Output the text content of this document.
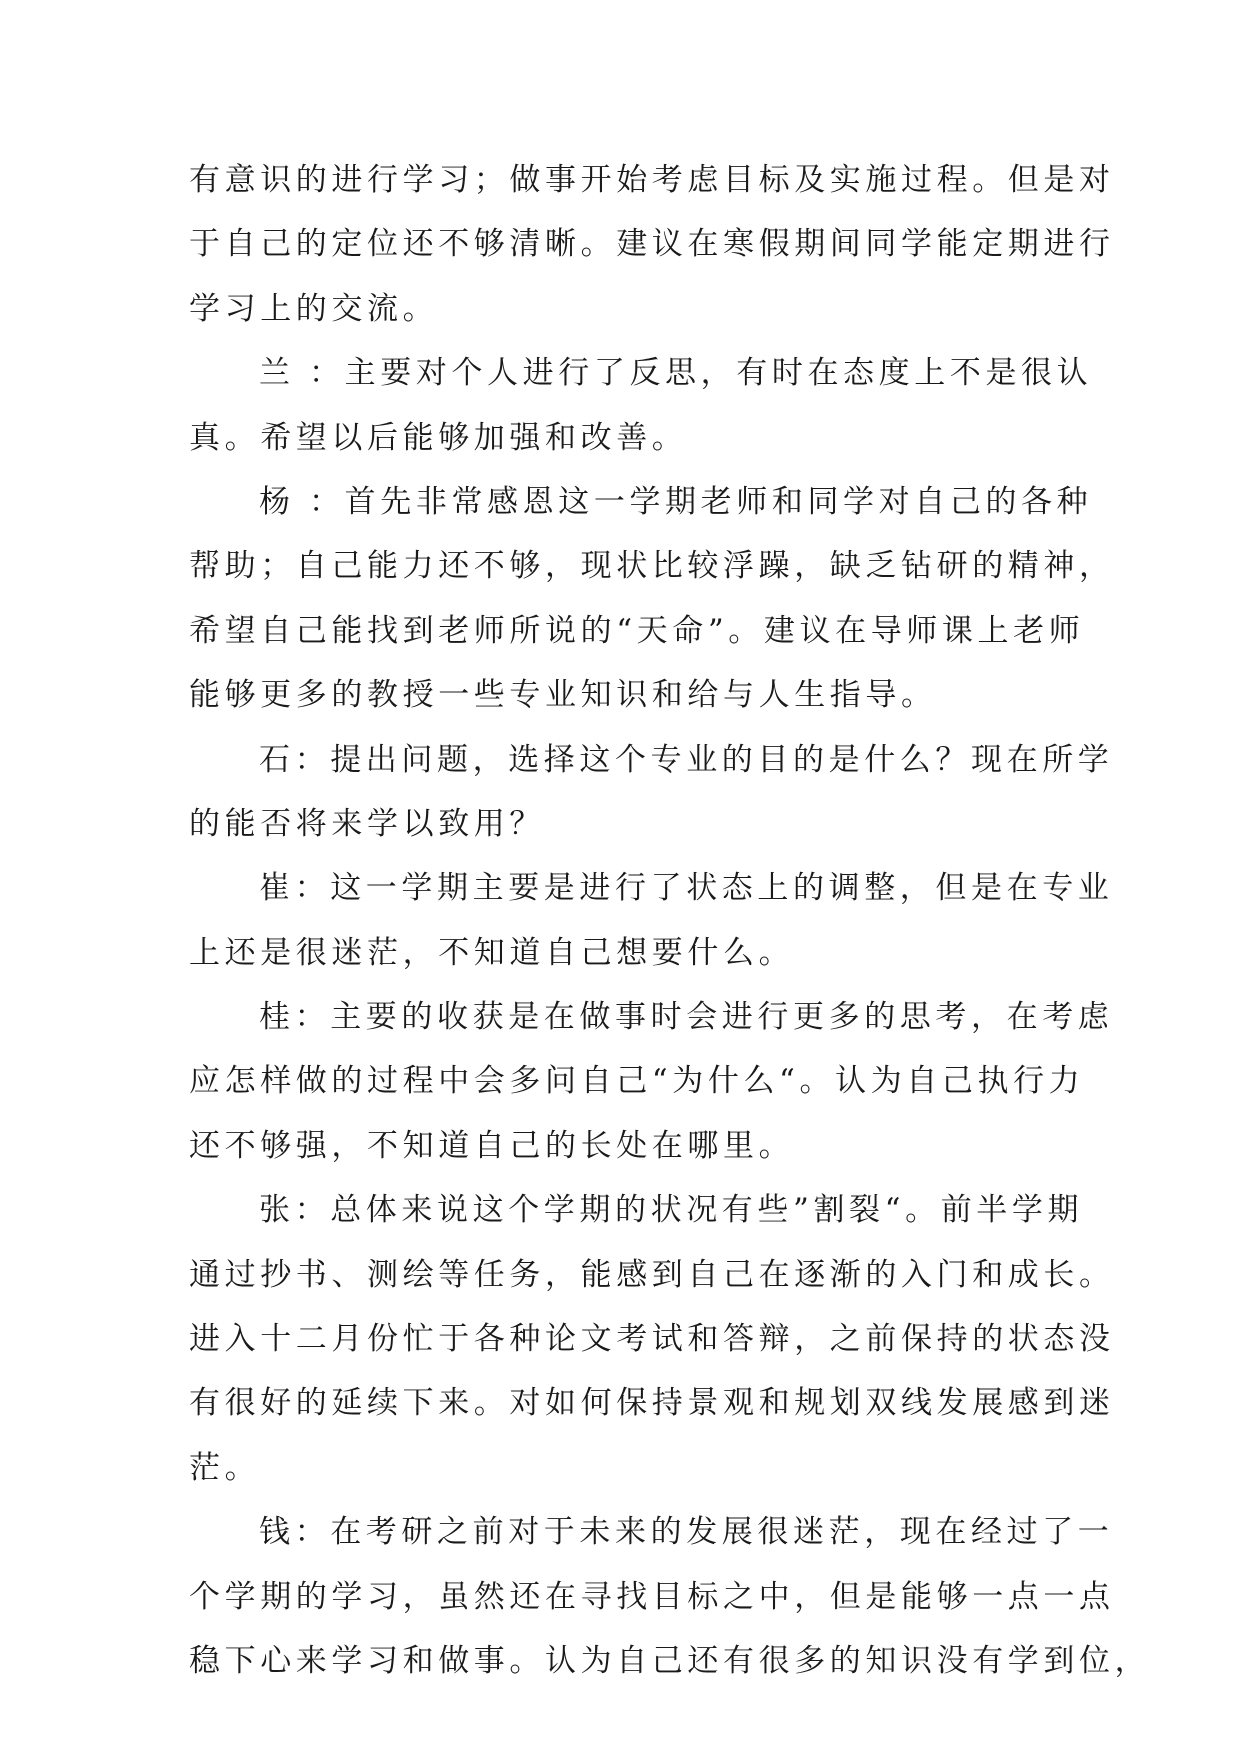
有意识的进行学习；做事开始考虑目标及实施过程。但是对
于自己的定位还不够清晰。建议在寒假期间同学能定期进行
学习上的交流。
兰 ：主要对个人进行了反思，有时在态度上不是很认
真。希望以后能够加强和改善。
杨 ：首先非常感恩这一学期老师和同学对自己的各种
帮助；自己能力还不够，现状比较浮躁，缺乏钻研的精神，
希望自己能找到老师所说的“天命”。建议在导师课上老师
能够更多的教授一些专业知识和给与人生指导。
石：提出问题，选择这个专业的目的是什么？现在所学
的能否将来学以致用？
崔：这一学期主要是进行了状态上的调整，但是在专业
上还是很迷茫，不知道自己想要什么。
桂：主要的收获是在做事时会进行更多的思考，在考虑
应怎样做的过程中会多问自己“为什么“。认为自己执行力
还不够强，不知道自己的长处在哪里。
张：总体来说这个学期的状况有些”割裂“。前半学期
通过抄书、测绘等任务，能感到自己在逐渐的入门和成长。
进入十二月份忙于各种论文考试和答辩，之前保持的状态没
有很好的延续下来。对如何保持景观和规划双线发展感到迷
茫。
钱：在考研之前对于未来的发展很迷茫，现在经过了一
个学期的学习，虽然还在寻找目标之中，但是能够一点一点
稳下心来学习和做事。认为自己还有很多的知识没有学到位，
